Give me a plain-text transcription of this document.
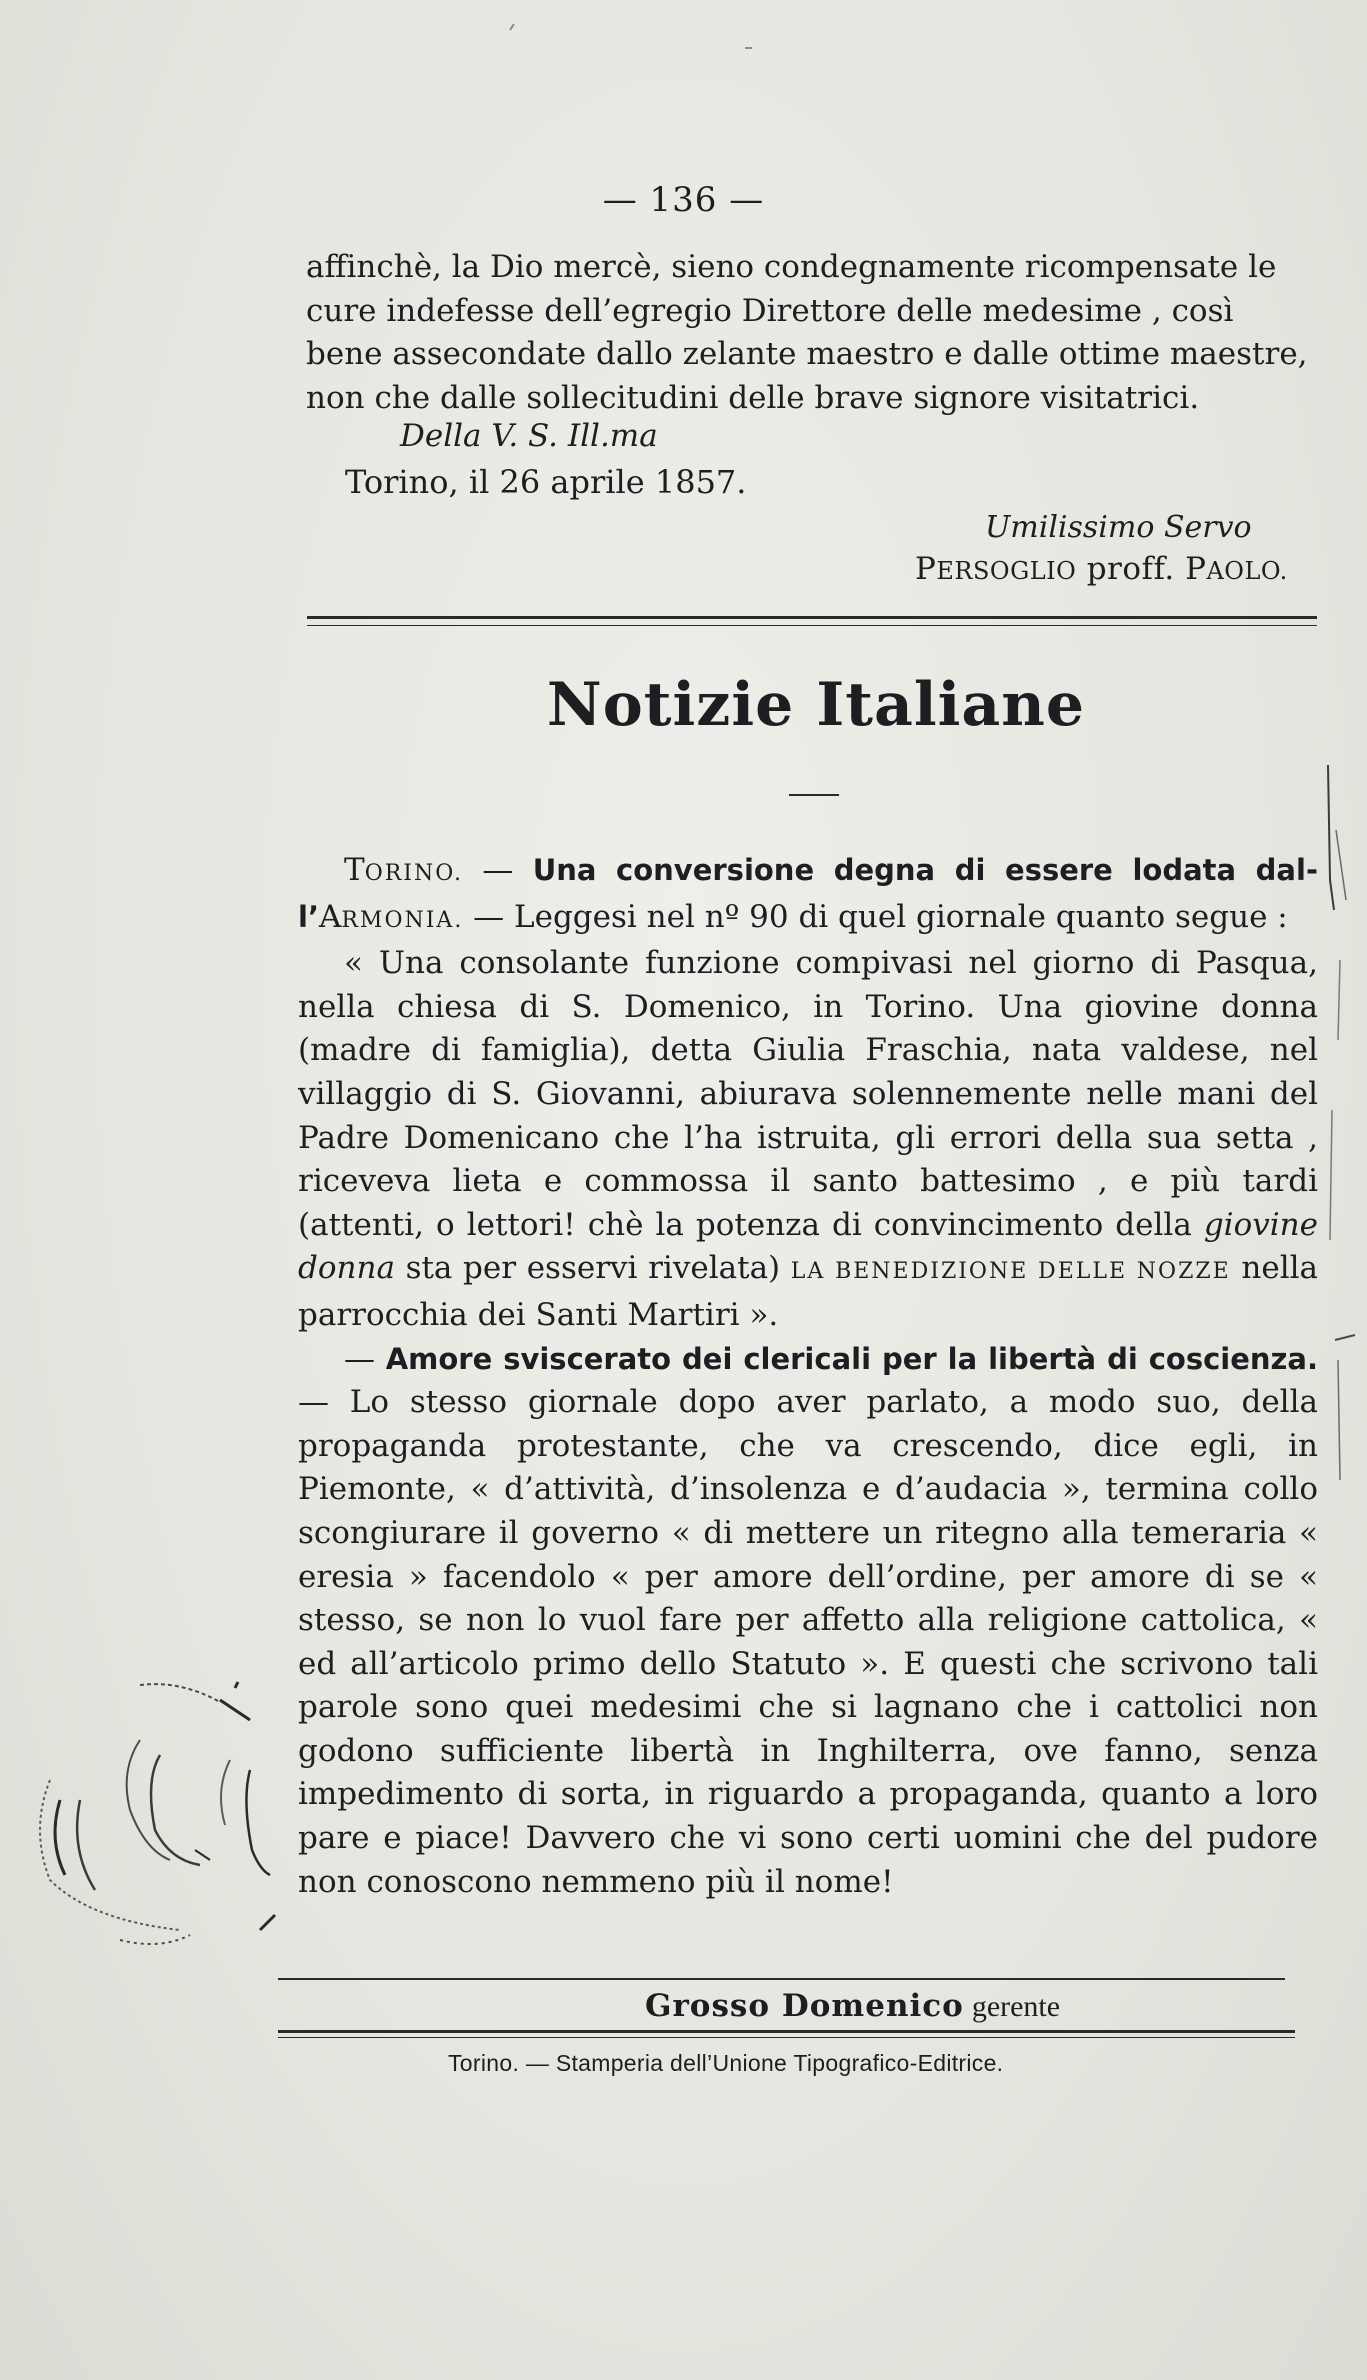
— 136 —

affinchè, la Dio mercè, sieno condegnamente ricompensate le

cure indefesse dell’egregio Direttore delle medesime , così

bene assecondate dallo zelante maestro e dalle ottime maestre,

non che dalle sollecitudini delle brave signore visitatrici.

Della V. S. Ill.ma
Torino, il 26 aprile 1857.
Umilissimo Servo
PERSOGLIO proff. PAOLO.
Notizie Italiane

TORINO. — Una conversione degna di essere lodata dal-l’ARMONIA. — Leggesi nel nº 90 di quel giornale quanto segue :

« Una consolante funzione compivasi nel giorno di Pasqua, nella chiesa di S. Domenico, in Torino. Una giovine donna (madre di famiglia), detta Giulia Fraschia, nata valdese, nel villaggio di S. Giovanni, abiurava solennemente nelle mani del Padre Domenicano che l’ha istruita, gli errori della sua setta , riceveva lieta e commossa il santo battesimo , e più tardi (attenti, o lettori! chè la potenza di convincimento della giovine donna sta per esservi rivelata) LA BENEDIZIONE DELLE NOZZE nella parrocchia dei Santi Martiri ».

— Amore sviscerato dei clericali per la libertà di coscienza. — Lo stesso giornale dopo aver parlato, a modo suo, della propaganda protestante, che va crescendo, dice egli, in Piemonte, « d’attività, d’insolenza e d’audacia », termina collo scongiurare il governo « di mettere un ritegno alla temeraria « eresia » facendolo « per amore dell’ordine, per amore di se « stesso, se non lo vuol fare per affetto alla religione cattolica, « ed all’articolo primo dello Statuto ». E questi che scrivono tali parole sono quei medesimi che si lagnano che i cattolici non godono sufficiente libertà in Inghilterra, ove fanno, senza impedimento di sorta, in riguardo a propaganda, quanto a loro pare e piace! Davvero che vi sono certi uomini che del pudore non conoscono nemmeno più il nome!

Grosso Domenico gerente
Torino. — Stamperia dell’Unione Tipografico-Editrice.
